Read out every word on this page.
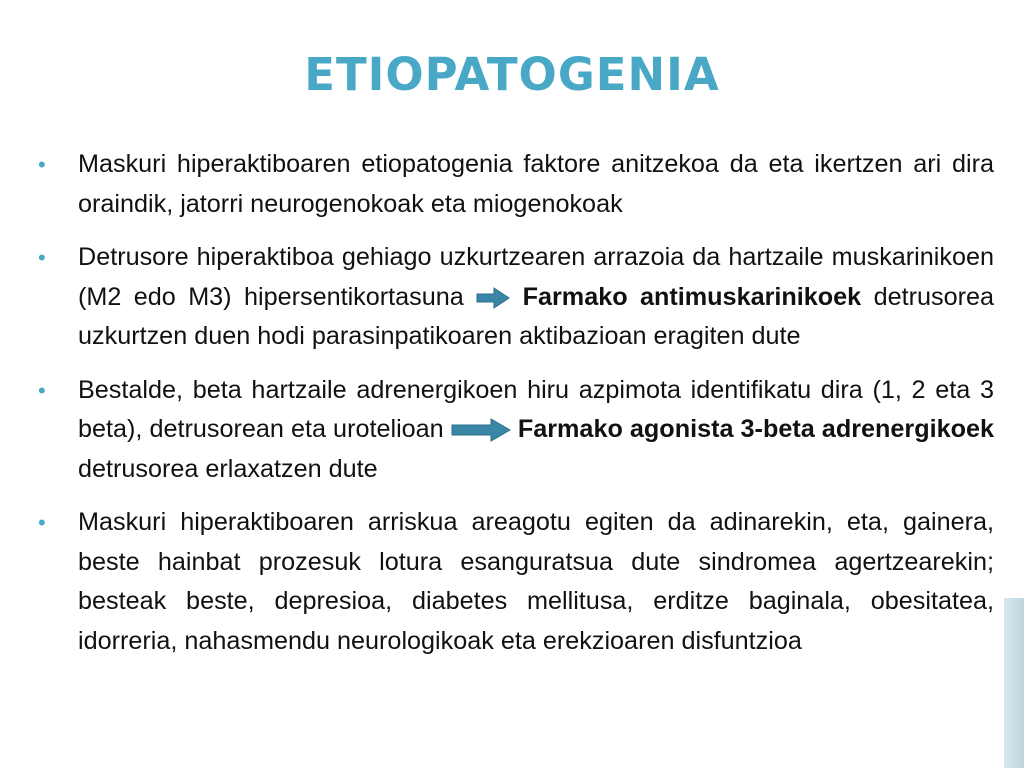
ETIOPATOGENIA
• Maskuri hiperaktiboaren etiopatogenia faktore anitzekoa da eta ikertzen ari dira oraindik, jatorri neurogenokoak eta miogenokoak
• Detrusore hiperaktiboa gehiago uzkurtzearen arrazoia da hartzaile muskarinikoen (M2 edo M3) hipersentikortasuna Farmako antimuskarinikoek detrusorea uzkurtzen duen hodi parasinpatikoaren aktibazioan eragiten dute
• Bestalde, beta hartzaile adrenergikoen hiru azpimota identifikatu dira (1, 2 eta 3 beta), detrusorean eta urotelioan	Farmako agonista 3-beta adrenergikoek detrusorea erlaxatzen dute
• Maskuri hiperaktiboaren arriskua areagotu egiten da adinarekin, eta, gainera, beste hainbat prozesuk lotura esanguratsua dute sindromea agertzearekin; besteak beste, depresioa, diabetes mellitusa, erditze baginala, obesitatea, idorreria, nahasmendu neurologikoak eta erekzioaren disfuntzioa
